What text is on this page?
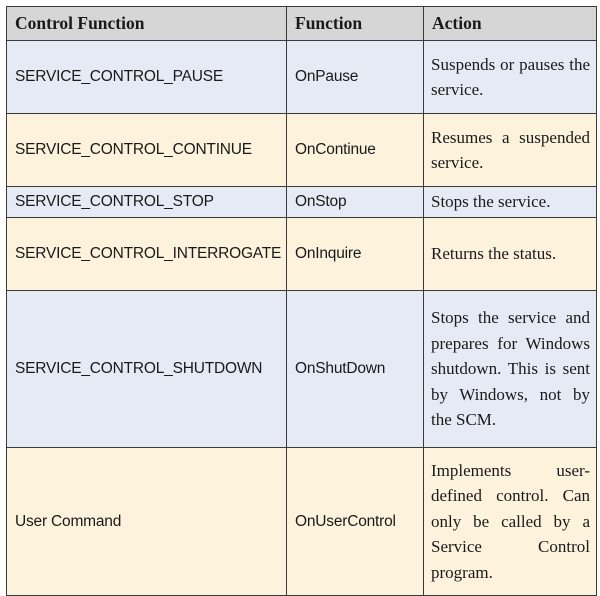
Control Function	Function	Action
SERVICE_CONTROL_PAUSE	OnPause	Suspends or pauses the service.
SERVICE_CONTROL_CONTINUE	OnContinue	Resumes a suspended service.
SERVICE_CONTROL_STOP	OnStop	Stops the service.
SERVICE_CONTROL_INTERROGATE	OnInquire	Returns the status.
SERVICE_CONTROL_SHUTDOWN	OnShutDown	Stops the service and prepares for Windows shutdown. This is sent by Windows, not by the SCM.
User Command	OnUserControl	Implements user-defined control. Can only be called by a Service Control program.
